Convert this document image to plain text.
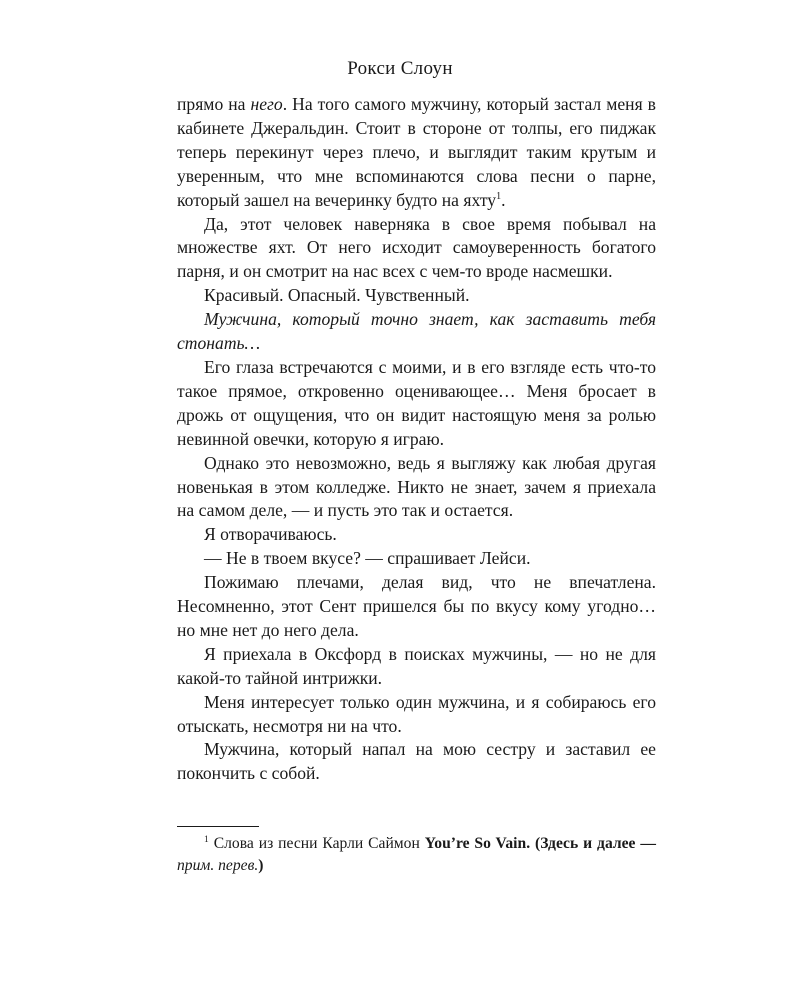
Рокси Слоун

прямо на него. На того самого мужчину, который застал меня в кабинете Джеральдин. Стоит в стороне от толпы, его пиджак теперь перекинут через плечо, и выглядит таким крутым и уверенным, что мне вспоминаются слова песни о парне, который зашел на вечеринку будто на яхту$^1$.

Да, этот человек наверняка в свое время побывал на множестве яхт. От него исходит самоуверенность богатого парня, и он смотрит на нас всех с чем-то вроде насмешки.

Красивый. Опасный. Чувственный.

Мужчина, который точно знает, как заставить тебя стонать…

Его глаза встречаются с моими, и в его взгляде есть что-то такое прямое, откровенно оценивающее… Меня бросает в дрожь от ощущения, что он видит настоящую меня за ролью невинной овечки, которую я играю.

Однако это невозможно, ведь я выгляжу как любая другая новенькая в этом колледже. Никто не знает, зачем я приехала на самом деле, — и пусть это так и остается.

Я отворачиваюсь.

— Не в твоем вкусе? — спрашивает Лейси.

Пожимаю плечами, делая вид, что не впечатлена. Несомненно, этот Сент пришелся бы по вкусу кому угодно… но мне нет до него дела.

Я приехала в Оксфорд в поисках мужчины, — но не для какой-то тайной интрижки.

Меня интересует только один мужчина, и я собираюсь его отыскать, несмотря ни на что.

Мужчина, который напал на мою сестру и заставил ее покончить с собой.

$^1$ Слова из песни Карли Саймон You’re So Vain. (Здесь и далее — прим. перев.)
